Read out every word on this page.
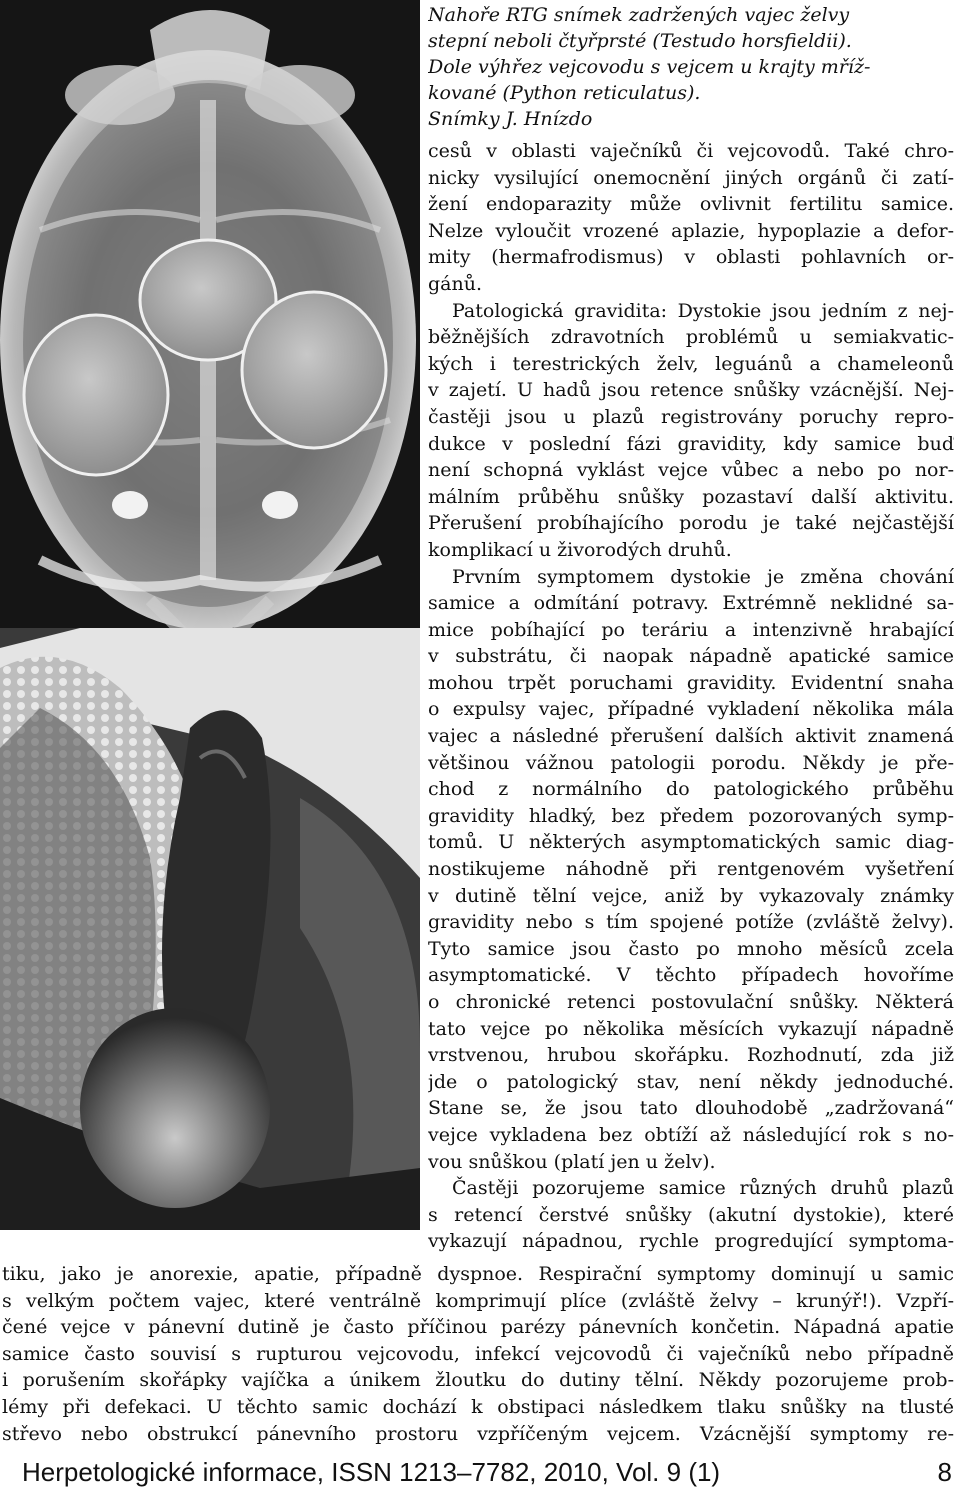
Nahoře RTG snímek zadržených vajec želvy
stepní neboli čtyřprsté (Testudo horsfieldii).
Dole výhřez vejcovodu s vejcem u krajty mříž-
kované (Python reticulatus).
Snímky J. Hnízdo
cesů v oblasti vaječníků či vejcovodů. Také chro-
nicky vysilující onemocnění jiných orgánů či zatí-
žení endoparazity může ovlivnit fertilitu samice.
Nelze vyloučit vrozené aplazie, hypoplazie a defor-
mity (hermafrodismus) v oblasti pohlavních or-
gánů.
Patologická gravidita: Dystokie jsou jedním z nej-
běžnějších zdravotních problémů u semiakvatic-
kých i terestrických želv, leguánů a chameleonů
v zajetí. U hadů jsou retence snůšky vzácnější. Nej-
častěji jsou u plazů registrovány poruchy repro-
dukce v poslední fázi gravidity, kdy samice buď
není schopná vyklást vejce vůbec a nebo po nor-
málním průběhu snůšky pozastaví další aktivitu.
Přerušení probíhajícího porodu je také nejčastější
komplikací u živorodých druhů.
Prvním symptomem dystokie je změna chování
samice a odmítání potravy. Extrémně neklidné sa-
mice pobíhající po teráriu a intenzivně hrabající
v substrátu, či naopak nápadně apatické samice
mohou trpět poruchami gravidity. Evidentní snaha
o expulsy vajec, případné vykladení několika mála
vajec a následné přerušení dalších aktivit znamená
většinou vážnou patologii porodu. Někdy je pře-
chod z normálního do patologického průběhu
gravidity hladký, bez předem pozorovaných symp-
tomů. U některých asymptomatických samic diag-
nostikujeme náhodně při rentgenovém vyšetření
v dutině tělní vejce, aniž by vykazovaly známky
gravidity nebo s tím spojené potíže (zvláště želvy).
Tyto samice jsou často po mnoho měsíců zcela
asymptomatické. V těchto případech hovoříme
o chronické retenci postovulační snůšky. Některá
tato vejce po několika měsících vykazují nápadně
vrstvenou, hrubou skořápku. Rozhodnutí, zda již
jde o patologický stav, není někdy jednoduché.
Stane se, že jsou tato dlouhodobě „zadržovaná“
vejce vykladena bez obtíží až následující rok s no-
vou snůškou (platí jen u želv).
Častěji pozorujeme samice různých druhů plazů
s retencí čerstvé snůšky (akutní dystokie), které
vykazují nápadnou, rychle progredující symptoma-
tiku, jako je anorexie, apatie, případně dyspnoe. Respirační symptomy dominují u samic
s velkým počtem vajec, které ventrálně komprimují plíce (zvláště želvy – krunýř!). Vzpří-
čené vejce v pánevní dutině je často příčinou parézy pánevních končetin. Nápadná apatie
samice často souvisí s rupturou vejcovodu, infekcí vejcovodů či vaječníků nebo případně
i porušením skořápky vajíčka a únikem žloutku do dutiny tělní. Někdy pozorujeme prob-
lémy při defekaci. U těchto samic dochází k obstipaci následkem tlaku snůšky na tlusté
střevo nebo obstrukcí pánevního prostoru vzpříčeným vejcem. Vzácnější symptomy re-
Herpetologické informace, ISSN 1213–7782, 2010, Vol. 9 (1)	8
